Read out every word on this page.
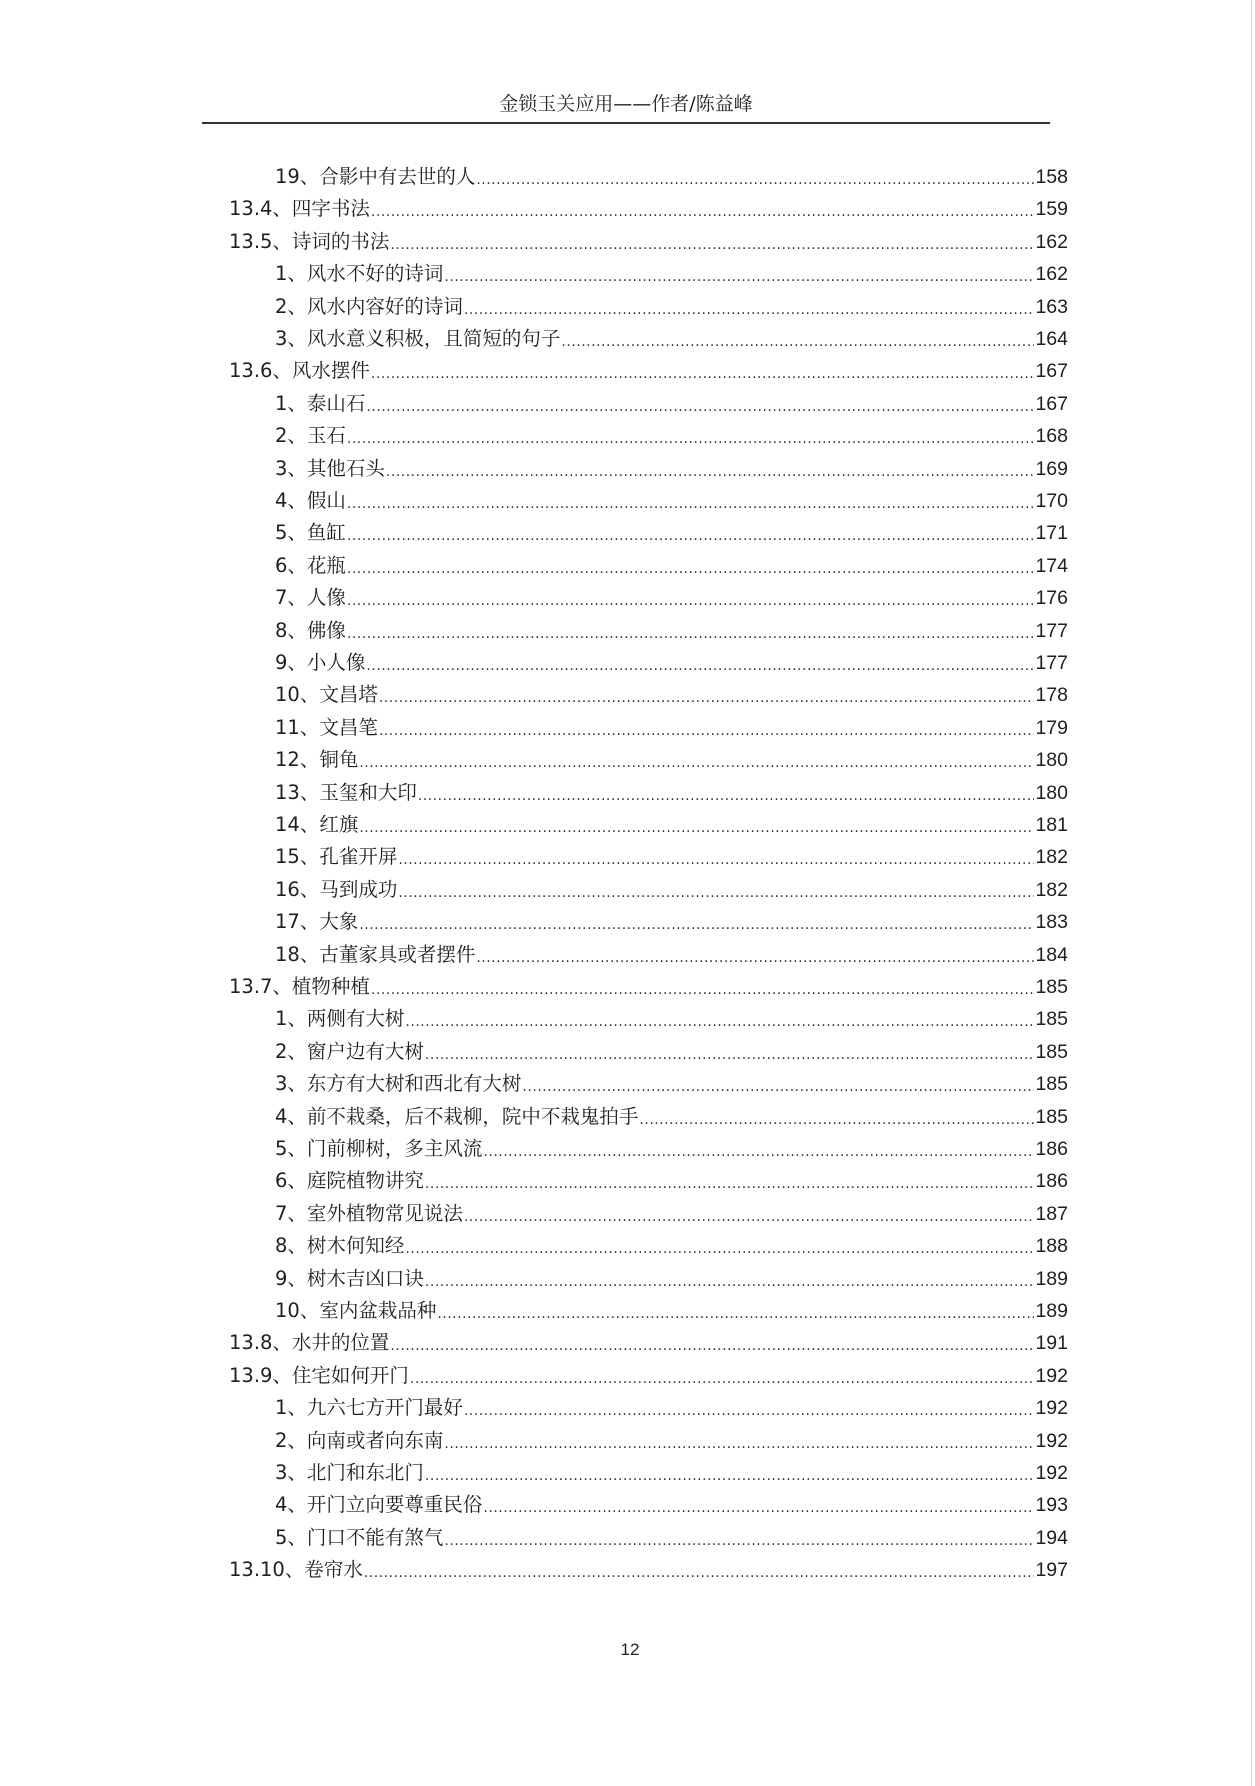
金锁玉关应用——作者/陈益峰
19、合影中有去世的人 .....	158
13.4、四字书法 .....	159
13.5、诗词的书法 .....	162
1、风水不好的诗词 .....	162
2、风水内容好的诗词 .....	163
3、风水意义积极，且简短的句子 .....	164
13.6、风水摆件 .....	167
1、泰山石 .....	167
2、玉石 .....	168
3、其他石头 .....	169
4、假山 .....	170
5、鱼缸 .....	171
6、花瓶 .....	174
7、人像 .....	176
8、佛像 .....	177
9、小人像 .....	177
10、文昌塔 .....	178
11、文昌笔 .....	179
12、铜龟 .....	180
13、玉玺和大印 .....	180
14、红旗 .....	181
15、孔雀开屏 .....	182
16、马到成功 .....	182
17、大象 .....	183
18、古董家具或者摆件 .....	184
13.7、植物种植 .....	185
1、两侧有大树 .....	185
2、窗户边有大树 .....	185
3、东方有大树和西北有大树 .....	185
4、前不栽桑，后不栽柳，院中不栽鬼拍手 .....	185
5、门前柳树，多主风流 .....	186
6、庭院植物讲究 .....	186
7、室外植物常见说法 .....	187
8、树木何知经 .....	188
9、树木吉凶口诀 .....	189
10、室内盆栽品种 .....	189
13.8、水井的位置 .....	191
13.9、住宅如何开门 .....	192
1、九六七方开门最好 .....	192
2、向南或者向东南 .....	192
3、北门和东北门 .....	192
4、开门立向要尊重民俗 .....	193
5、门口不能有煞气 .....	194
13.10、卷帘水 .....	197
12
